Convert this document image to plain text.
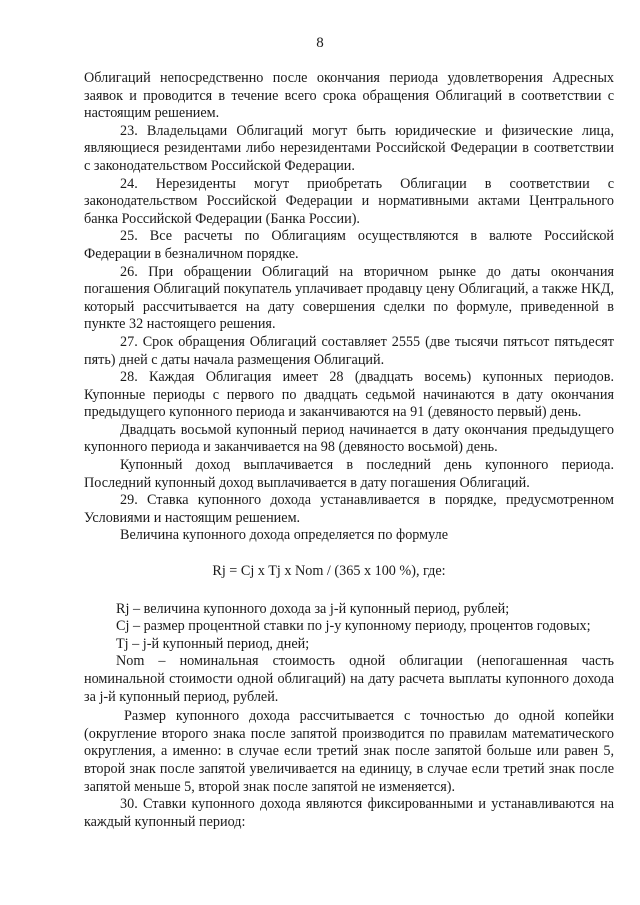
8

Облигаций непосредственно после окончания периода удовлетворения Адресных заявок и проводится в течение всего срока обращения Облигаций в соответствии с настоящим решением.

23. Владельцами Облигаций могут быть юридические и физические лица, являющиеся резидентами либо нерезидентами Российской Федерации в соответствии с законодательством Российской Федерации.

24. Нерезиденты могут приобретать Облигации в соответствии с законодательством Российской Федерации и нормативными актами Центрального банка Российской Федерации (Банка России).

25. Все расчеты по Облигациям осуществляются в валюте Российской Федерации в безналичном порядке.

26. При обращении Облигаций на вторичном рынке до даты окончания погашения Облигаций покупатель уплачивает продавцу цену Облигаций, а также НКД, который рассчитывается на дату совершения сделки по формуле, приведенной в пункте 32 настоящего решения.

27. Срок обращения Облигаций составляет 2555 (две тысячи пятьсот пятьдесят пять) дней с даты начала размещения Облигаций.

28. Каждая Облигация имеет 28 (двадцать восемь) купонных периодов. Купонные периоды с первого по двадцать седьмой начинаются в дату окончания предыдущего купонного периода и заканчиваются на 91 (девяносто первый) день.

Двадцать восьмой купонный период начинается в дату окончания предыдущего купонного периода и заканчивается на 98 (девяносто восьмой) день.

Купонный доход выплачивается в последний день купонного периода. Последний купонный доход выплачивается в дату погашения Облигаций.

29. Ставка купонного дохода устанавливается в порядке, предусмотренном Условиями и настоящим решением.

Величина купонного дохода определяется по формуле

Rj = Cj x Tj x Nom / (365 x 100 %), где:

Rj – величина купонного дохода за j-й купонный период, рублей;

Cj – размер процентной ставки по j-у купонному периоду, процентов годовых;

Tj – j-й купонный период, дней;

Nom – номинальная стоимость одной облигации (непогашенная часть номинальной стоимости одной облигаций) на дату расчета выплаты купонного дохода за j-й купонный период, рублей.

Размер купонного дохода рассчитывается с точностью до одной копейки (округление второго знака после запятой производится по правилам математического округления, а именно: в случае если третий знак после запятой больше или равен 5, второй знак после запятой увеличивается на единицу, в случае если третий знак после запятой меньше 5, второй знак после запятой не изменяется).

30. Ставки купонного дохода являются фиксированными и устанавливаются на каждый купонный период:
